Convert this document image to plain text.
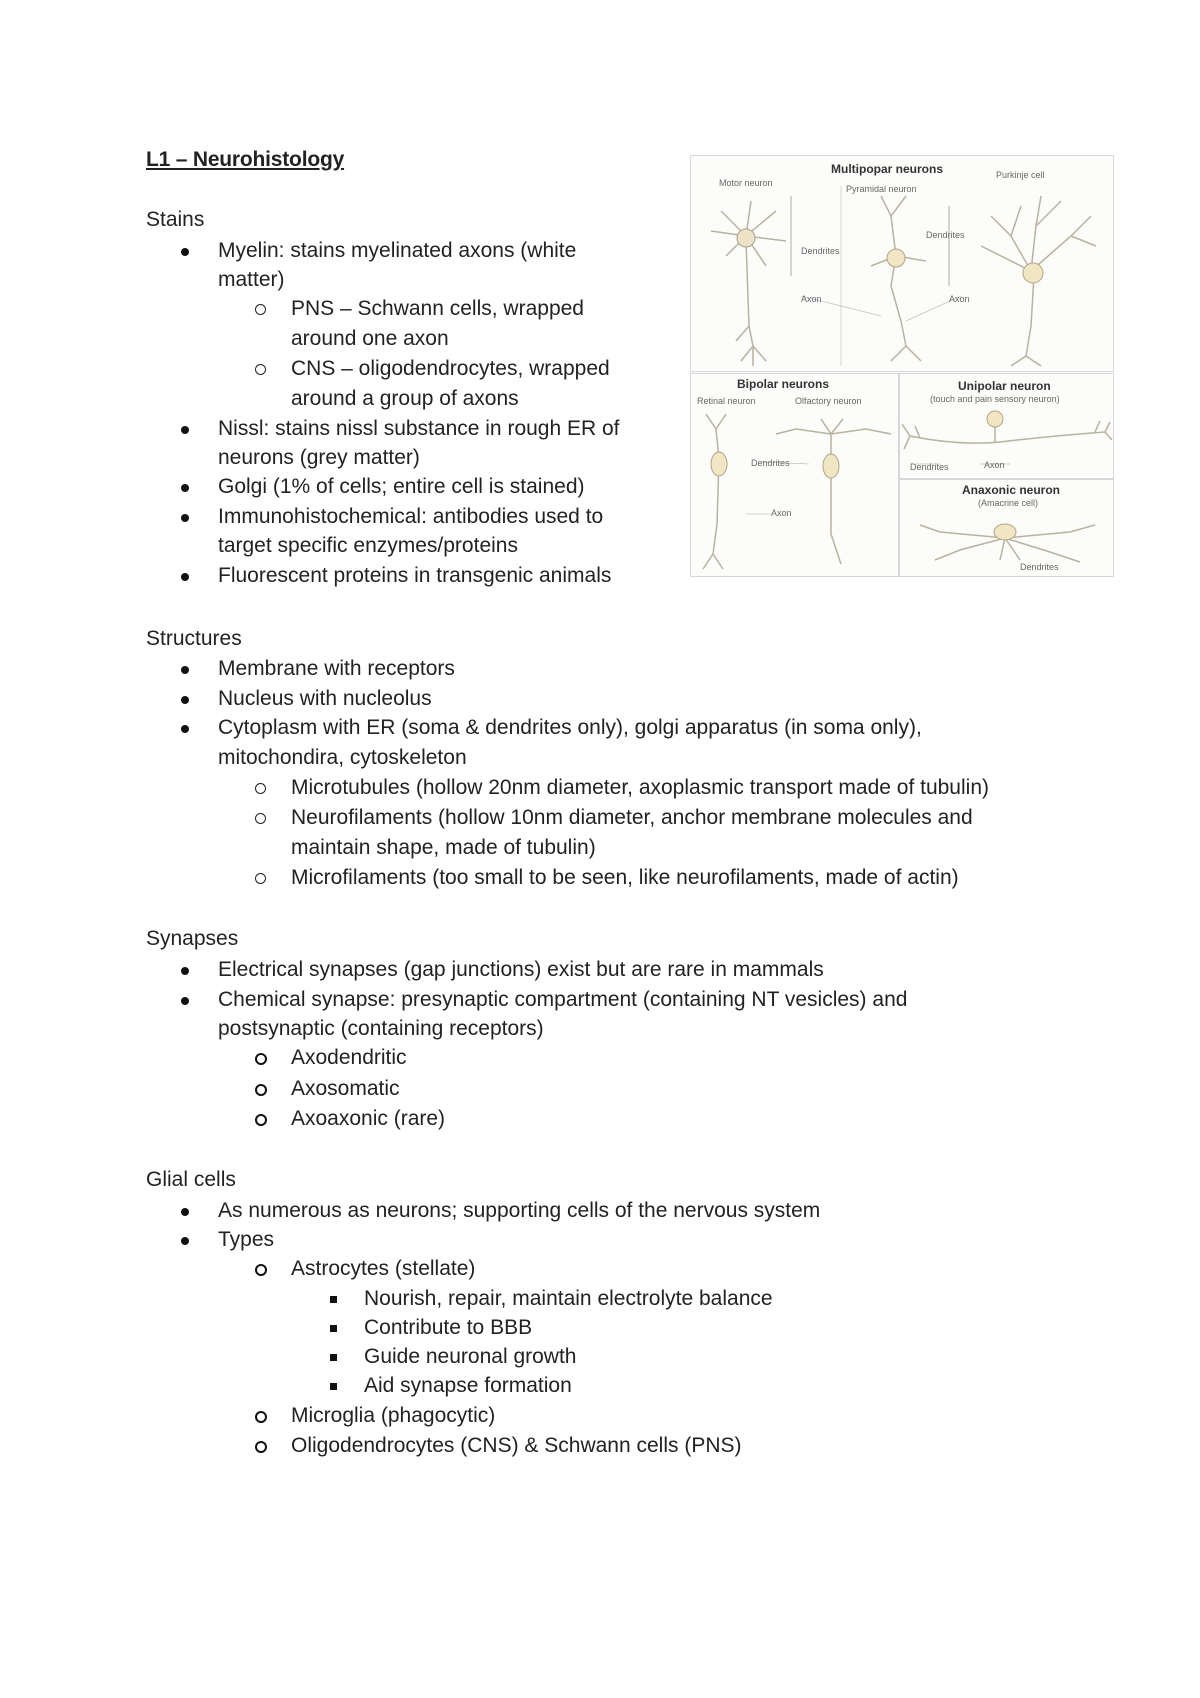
L1 – Neurohistology
Stains
Myelin: stains myelinated axons (white
matter)
PNS – Schwann cells, wrapped
around one axon
CNS – oligodendrocytes, wrapped
around a group of axons
Nissl: stains nissl substance in rough ER of
neurons (grey matter)
Golgi (1% of cells; entire cell is stained)
Immunohistochemical: antibodies used to
target specific enzymes/proteins
Fluorescent proteins in transgenic animals
Structures
Membrane with receptors
Nucleus with nucleolus
Cytoplasm with ER (soma & dendrites only), golgi apparatus (in soma only),
mitochondira, cytoskeleton
Microtubules (hollow 20nm diameter, axoplasmic transport made of tubulin)
Neurofilaments (hollow 10nm diameter, anchor membrane molecules and
maintain shape, made of tubulin)
Microfilaments (too small to be seen, like neurofilaments, made of actin)
Synapses
Electrical synapses (gap junctions) exist but are rare in mammals
Chemical synapse: presynaptic compartment (containing NT vesicles) and
postsynaptic (containing receptors)
Axodendritic
Axosomatic
Axoaxonic (rare)
Glial cells
As numerous as neurons; supporting cells of the nervous system
Types
Astrocytes (stellate)
Nourish, repair, maintain electrolyte balance
Contribute to BBB
Guide neuronal growth
Aid synapse formation
Microglia (phagocytic)
Oligodendrocytes (CNS) & Schwann cells (PNS)
Multipopar neurons
Motor neuron
Pyramidal neuron
Purkinje cell
Dendrites
Dendrites
Axon	Axon
Bipolar neurons
Retinal neuron	Olfactory neuron
Dendrites
Axon
Unipolar neuron
(touch and pain sensory neuron)
Dendrites	Axon
Anaxonic neuron
(Amacrine cell)
Dendrites
